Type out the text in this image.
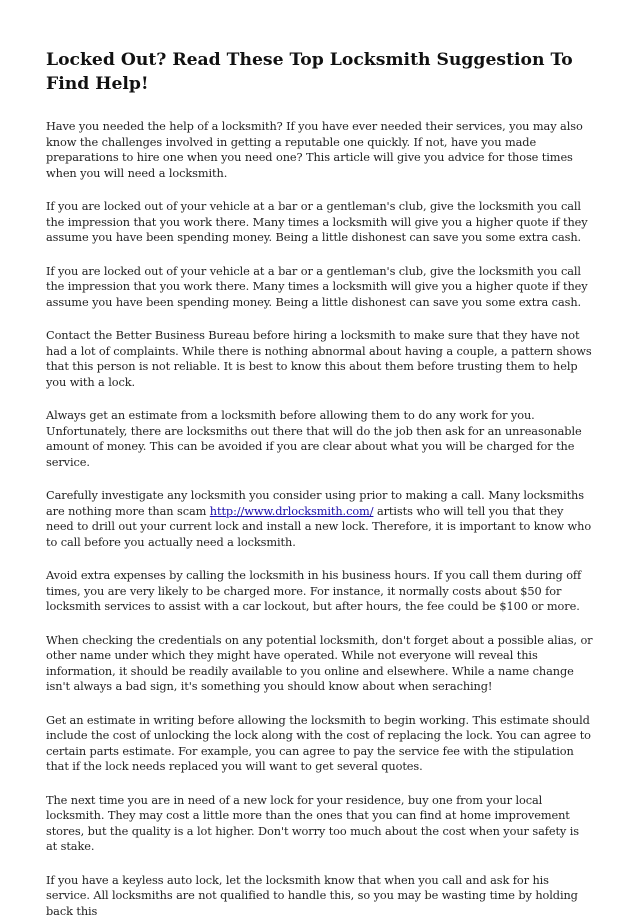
Locked Out? Read These Top Locksmith Suggestion To Find Help!

Have you needed the help of a locksmith? If you have ever needed their services, you may also know the challenges involved in getting a reputable one quickly. If not, have you made preparations to hire one when you need one? This article will give you advice for those times when you will need a locksmith.

If you are locked out of your vehicle at a bar or a gentleman's club, give the locksmith you call the impression that you work there. Many times a locksmith will give you a higher quote if they assume you have been spending money. Being a little dishonest can save you some extra cash.

If you are locked out of your vehicle at a bar or a gentleman's club, give the locksmith you call the impression that you work there. Many times a locksmith will give you a higher quote if they assume you have been spending money. Being a little dishonest can save you some extra cash.

Contact the Better Business Bureau before hiring a locksmith to make sure that they have not had a lot of complaints. While there is nothing abnormal about having a couple, a pattern shows that this person is not reliable. It is best to know this about them before trusting them to help you with a lock.

Always get an estimate from a locksmith before allowing them to do any work for you. Unfortunately, there are locksmiths out there that will do the job then ask for an unreasonable amount of money. This can be avoided if you are clear about what you will be charged for the service.

Carefully investigate any locksmith you consider using prior to making a call. Many locksmiths are nothing more than scam http://www.drlocksmith.com/ artists who will tell you that they need to drill out your current lock and install a new lock. Therefore, it is important to know who to call before you actually need a locksmith.

Avoid extra expenses by calling the locksmith in his business hours. If you call them during off times, you are very likely to be charged more. For instance, it normally costs about $50 for locksmith services to assist with a car lockout, but after hours, the fee could be $100 or more.

When checking the credentials on any potential locksmith, don't forget about a possible alias, or other name under which they might have operated. While not everyone will reveal this information, it should be readily available to you online and elsewhere. While a name change isn't always a bad sign, it's something you should know about when seraching!

Get an estimate in writing before allowing the locksmith to begin working. This estimate should include the cost of unlocking the lock along with the cost of replacing the lock. You can agree to certain parts estimate. For example, you can agree to pay the service fee with the stipulation that if the lock needs replaced you will want to get several quotes.

The next time you are in need of a new lock for your residence, buy one from your local locksmith. They may cost a little more than the ones that you can find at home improvement stores, but the quality is a lot higher. Don't worry too much about the cost when your safety is at stake.

If you have a keyless auto lock, let the locksmith know that when you call and ask for his service. All locksmiths are not qualified to handle this, so you may be wasting time by holding back this
